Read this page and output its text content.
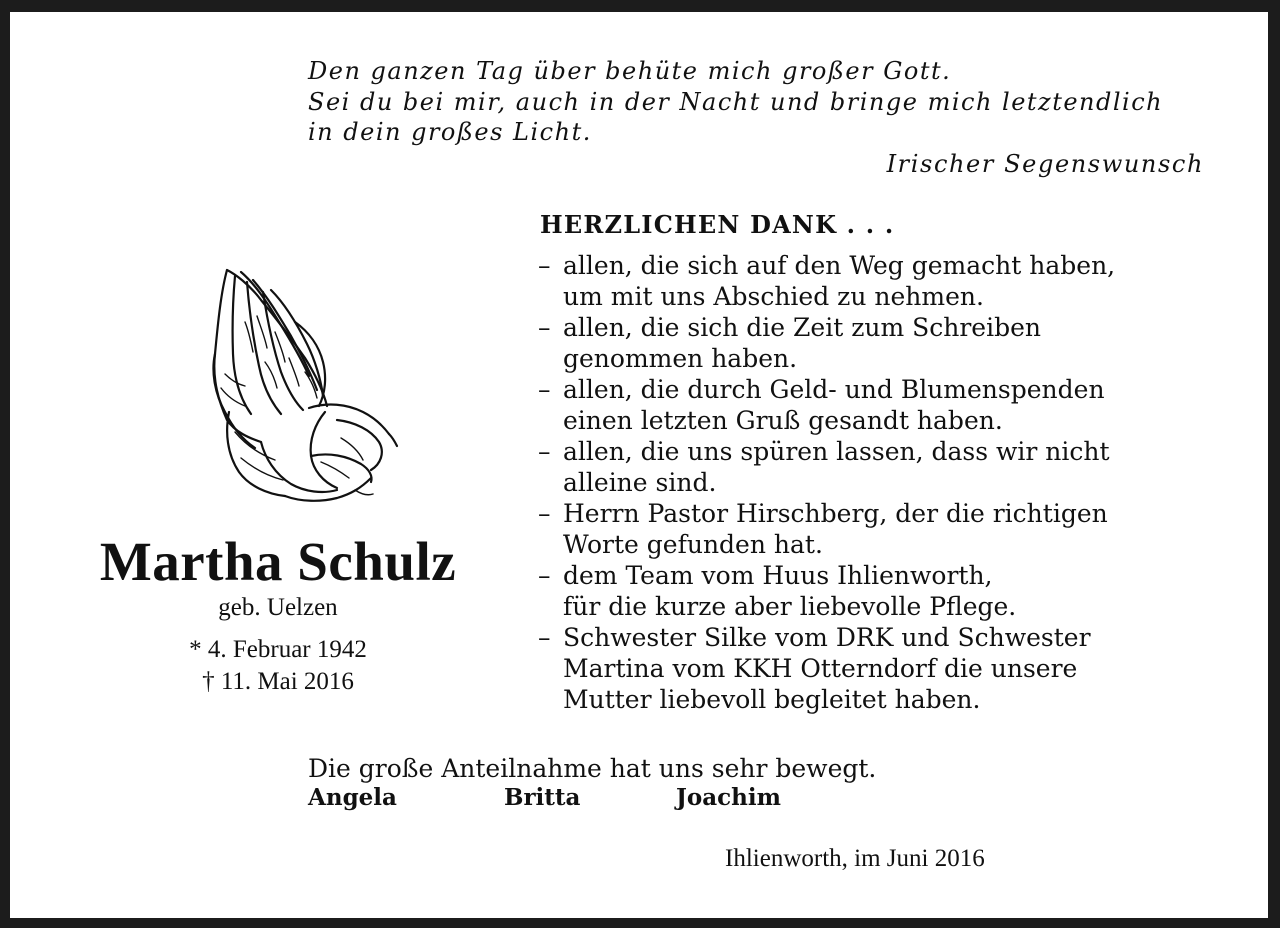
Den ganzen Tag über behüte mich großer Gott.
Sei du bei mir, auch in der Nacht und bringe mich letztendlich
in dein großes Licht.
Irischer Segenswunsch
Martha Schulz
geb. Uelzen
* 4. Februar 1942
† 11. Mai 2016
HERZLICHEN DANK . . .
– allen, die sich auf den Weg gemacht haben,
um mit uns Abschied zu nehmen.
– allen, die sich die Zeit zum Schreiben
genommen haben.
– allen, die durch Geld- und Blumenspenden
einen letzten Gruß gesandt haben.
– allen, die uns spüren lassen, dass wir nicht
alleine sind.
– Herrn Pastor Hirschberg, der die richtigen
Worte gefunden hat.
– dem Team vom Huus Ihlienworth,
für die kurze aber liebevolle Pflege.
– Schwester Silke vom DRK und Schwester
Martina vom KKH Otterndorf die unsere
Mutter liebevoll begleitet haben.
Die große Anteilnahme hat uns sehr bewegt.
Angela	Britta	Joachim
Ihlienworth, im Juni 2016
